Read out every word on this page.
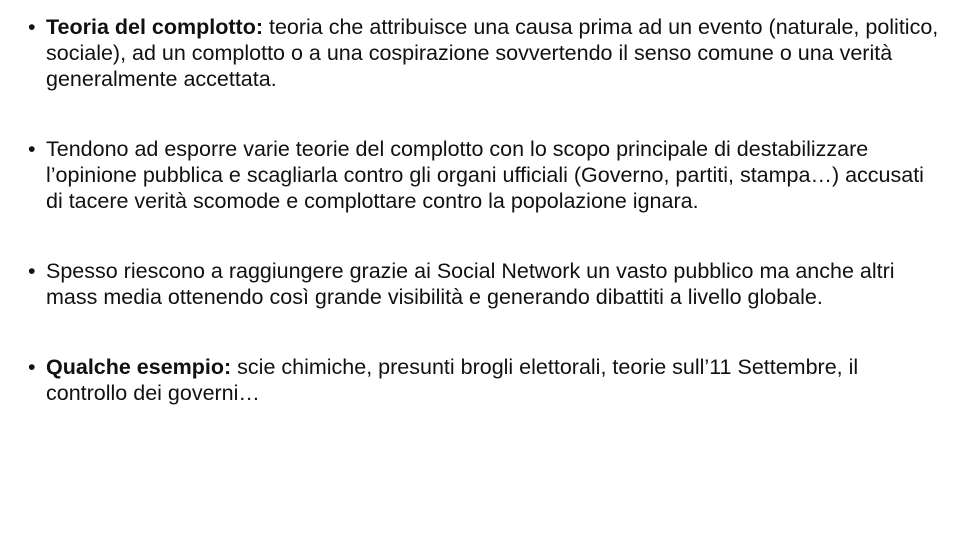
• Teoria del complotto: teoria che attribuisce una causa prima ad un evento (naturale, politico, sociale), ad un complotto o a una cospirazione sovvertendo il senso comune o una verità generalmente accettata.
• Tendono ad esporre varie teorie del complotto con lo scopo principale di destabilizzare l’opinione pubblica e scagliarla contro gli organi ufficiali (Governo, partiti, stampa…) accusati di tacere verità scomode e complottare contro la popolazione ignara.
• Spesso riescono a raggiungere grazie ai Social Network un vasto pubblico ma anche altri mass media ottenendo così grande visibilità e generando dibattiti a livello globale.
• Qualche esempio: scie chimiche, presunti brogli elettorali, teorie sull’11 Settembre, il controllo dei governi…
